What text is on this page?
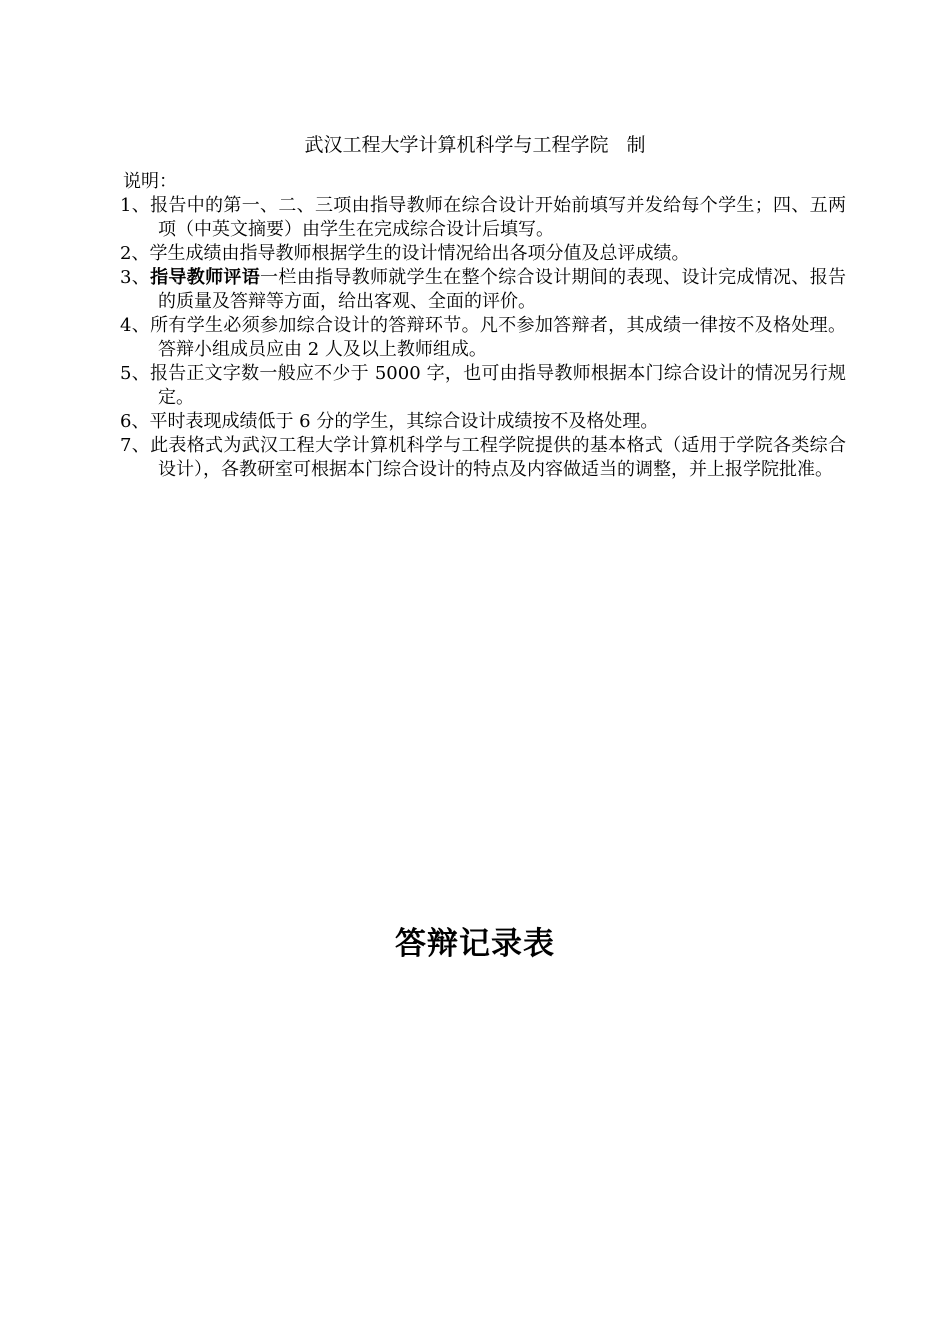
武汉工程大学计算机科学与工程学院   制

说明：

1、报告中的第一、二、三项由指导教师在综合设计开始前填写并发给每个学生；四、五两项（中英文摘要）由学生在完成综合设计后填写。

2、学生成绩由指导教师根据学生的设计情况给出各项分值及总评成绩。

3、指导教师评语一栏由指导教师就学生在整个综合设计期间的表现、设计完成情况、报告的质量及答辩等方面，给出客观、全面的评价。

4、所有学生必须参加综合设计的答辩环节。凡不参加答辩者，其成绩一律按不及格处理。答辩小组成员应由 2 人及以上教师组成。

5、报告正文字数一般应不少于 5000 字，也可由指导教师根据本门综合设计的情况另行规定。

6、平时表现成绩低于 6 分的学生，其综合设计成绩按不及格处理。

7、此表格式为武汉工程大学计算机科学与工程学院提供的基本格式（适用于学院各类综合设计），各教研室可根据本门综合设计的特点及内容做适当的调整，并上报学院批准。

答辩记录表
